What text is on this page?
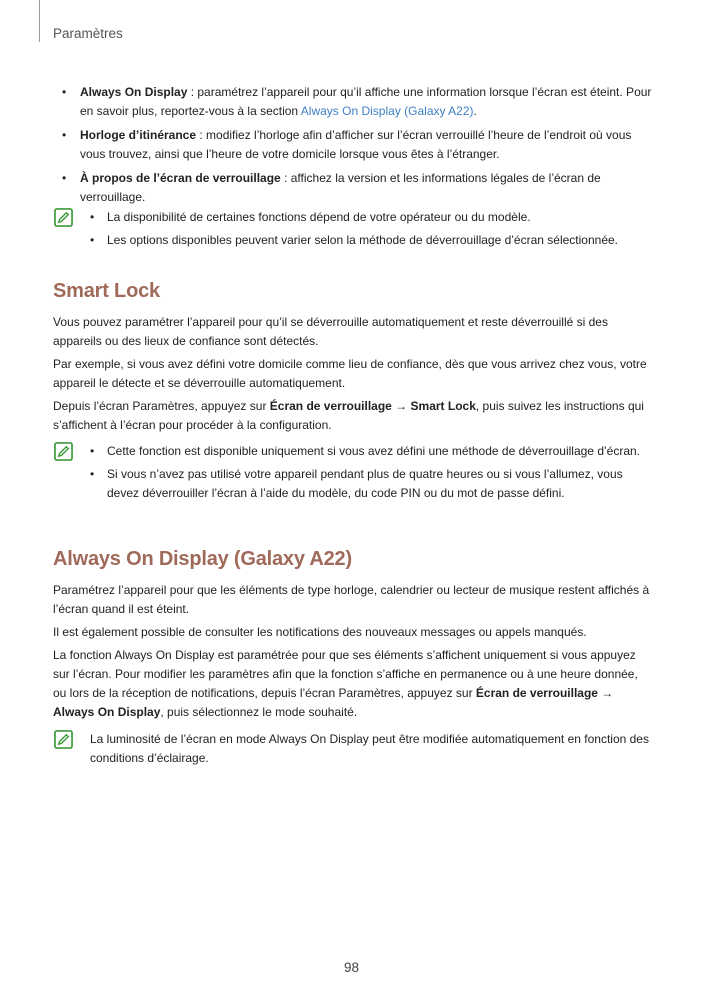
Paramètres
• Always On Display : paramétrez l’appareil pour qu’il affiche une information lorsque l’écran est éteint. Pour en savoir plus, reportez-vous à la section Always On Display (Galaxy A22).
• Horloge d’itinérance : modifiez l’horloge afin d’afficher sur l’écran verrouillé l’heure de l’endroit où vous vous trouvez, ainsi que l’heure de votre domicile lorsque vous êtes à l’étranger.
• À propos de l’écran de verrouillage : affichez la version et les informations légales de l’écran de verrouillage.
• La disponibilité de certaines fonctions dépend de votre opérateur ou du modèle.
• Les options disponibles peuvent varier selon la méthode de déverrouillage d’écran sélectionnée.
Smart Lock

Vous pouvez paramétrer l’appareil pour qu’il se déverrouille automatiquement et reste déverrouillé si des appareils ou des lieux de confiance sont détectés.

Par exemple, si vous avez défini votre domicile comme lieu de confiance, dès que vous arrivez chez vous, votre appareil le détecte et se déverrouille automatiquement.

Depuis l’écran Paramètres, appuyez sur Écran de verrouillage → Smart Lock, puis suivez les instructions qui s’affichent à l’écran pour procéder à la configuration.

• Cette fonction est disponible uniquement si vous avez défini une méthode de déverrouillage d’écran.
• Si vous n’avez pas utilisé votre appareil pendant plus de quatre heures ou si vous l’allumez, vous devez déverrouiller l’écran à l’aide du modèle, du code PIN ou du mot de passe défini.
Always On Display (Galaxy A22)

Paramétrez l’appareil pour que les éléments de type horloge, calendrier ou lecteur de musique restent affichés à l’écran quand il est éteint.

Il est également possible de consulter les notifications des nouveaux messages ou appels manqués.

La fonction Always On Display est paramétrée pour que ses éléments s’affichent uniquement si vous appuyez sur l’écran. Pour modifier les paramètres afin que la fonction s’affiche en permanence ou à une heure donnée, ou lors de la réception de notifications, depuis l’écran Paramètres, appuyez sur Écran de verrouillage → Always On Display, puis sélectionnez le mode souhaité.

La luminosité de l’écran en mode Always On Display peut être modifiée automatiquement en fonction des conditions d’éclairage.
98
